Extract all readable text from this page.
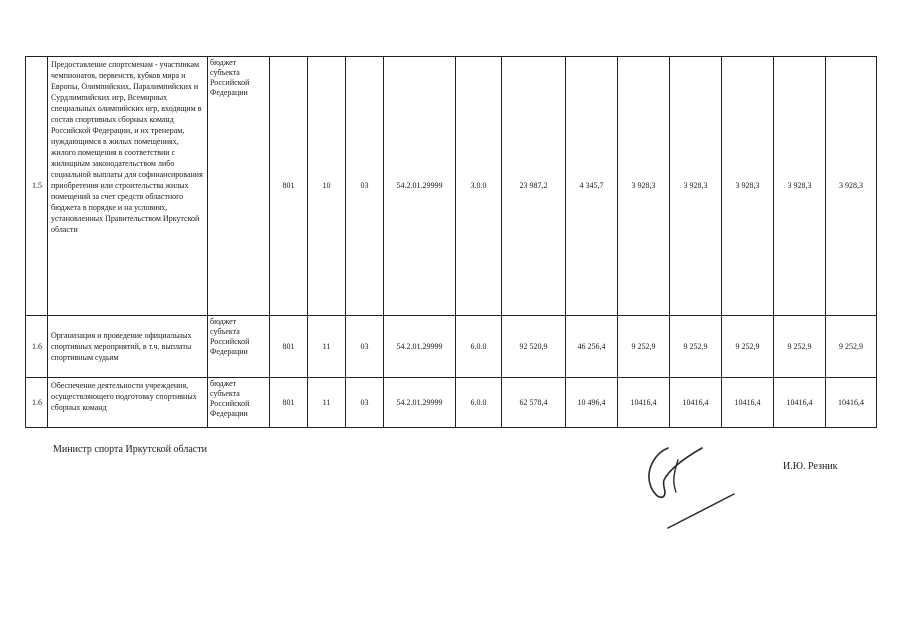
1.5	Предоставление спортсменам - участникам чемпионатов, первенств, кубков мира и Европы, Олимпийских, Паралимпийских и Сурдлимпийских игр, Всемирных специальных олимпийских игр, входящим в состав спортивных сборных команд Российской Федерации, и их тренерам, нуждающимся в жилых помещениях, жилого помещения в соответствии с жилищным законодательством либо социальной выплаты для софинансирования приобретения или строительства жилых помещений за счет средств областного бюджета в порядке и на условиях, установленных Правительством Иркутской области	бюджет субъекта Российской Федерации	801	10	03	54.2.01.29999	3.0.0	23 987,2	4 345,7	3 928,3	3 928,3	3 928,3	3 928,3	3 928,3
1.6	Организация и проведение официальных спортивных мероприятий, в т.ч. выплаты спортивным судьям	бюджет субъекта Российской Федерации	801	11	03	54.2.01.29999	6.0.0	92 520,9	46 256,4	9 252,9	9 252,9	9 252,9	9 252,9	9 252,9
1.6	Обеспечение деятельности учреждения, осуществляющего подготовку спортивных сборных команд	бюджет субъекта Российской Федерации	801	11	03	54.2.01.29999	6.0.0	62 578,4	10 496,4	10416,4	10416,4	10416,4	10416,4	10416,4
Министр спорта Иркутской области
И.Ю. Резник
